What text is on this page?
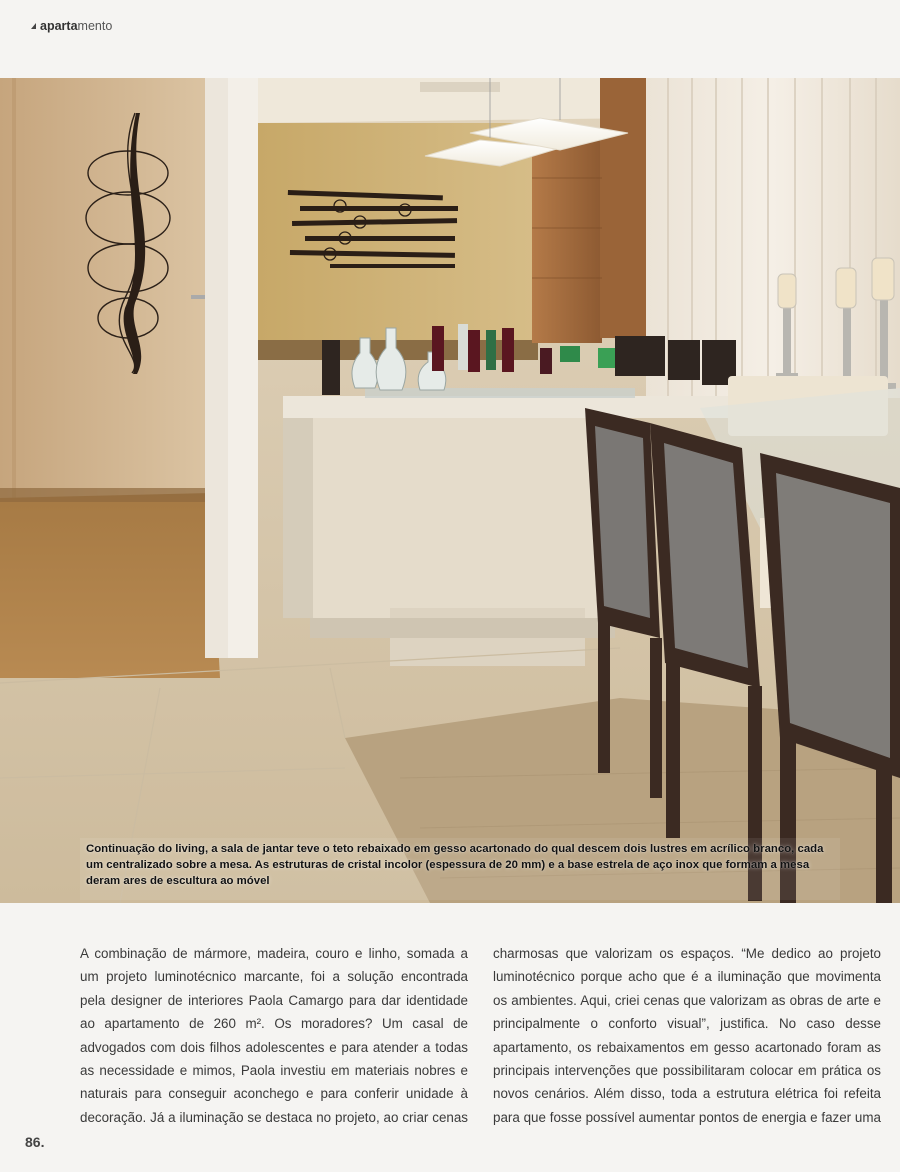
apartamento
Continuação do living, a sala de jantar teve o teto rebaixado em gesso acartonado do qual descem dois lustres em acrílico branco, cada um centralizado sobre a mesa. As estruturas de cristal incolor (espessura de 20 mm) e a base estrela de aço inox que formam a mesa deram ares de escultura ao móvel
A combinação de mármore, madeira, couro e linho, somada a um projeto luminotécnico marcante, foi a solução encontrada pela designer de interiores Paola Camargo para dar identidade ao apartamento de 260 m². Os moradores? Um casal de advogados com dois filhos adolescentes e para atender a todas as necessidade e mimos, Paola investiu em materiais nobres e naturais para conseguir aconchego e para conferir unidade à decoração. Já a iluminação se destaca no projeto, ao criar cenas
charmosas que valorizam os espaços. “Me dedico ao projeto luminotécnico porque acho que é a iluminação que movimenta os ambientes. Aqui, criei cenas que valorizam as obras de arte e principalmente o conforto visual”, justifica. No caso desse apartamento, os rebaixamentos em gesso acartonado foram as principais intervenções que possibilitaram colocar em prática os novos cenários. Além disso, toda a estrutura elétrica foi refeita para que fosse possível aumentar pontos de energia e fazer uma
86.
